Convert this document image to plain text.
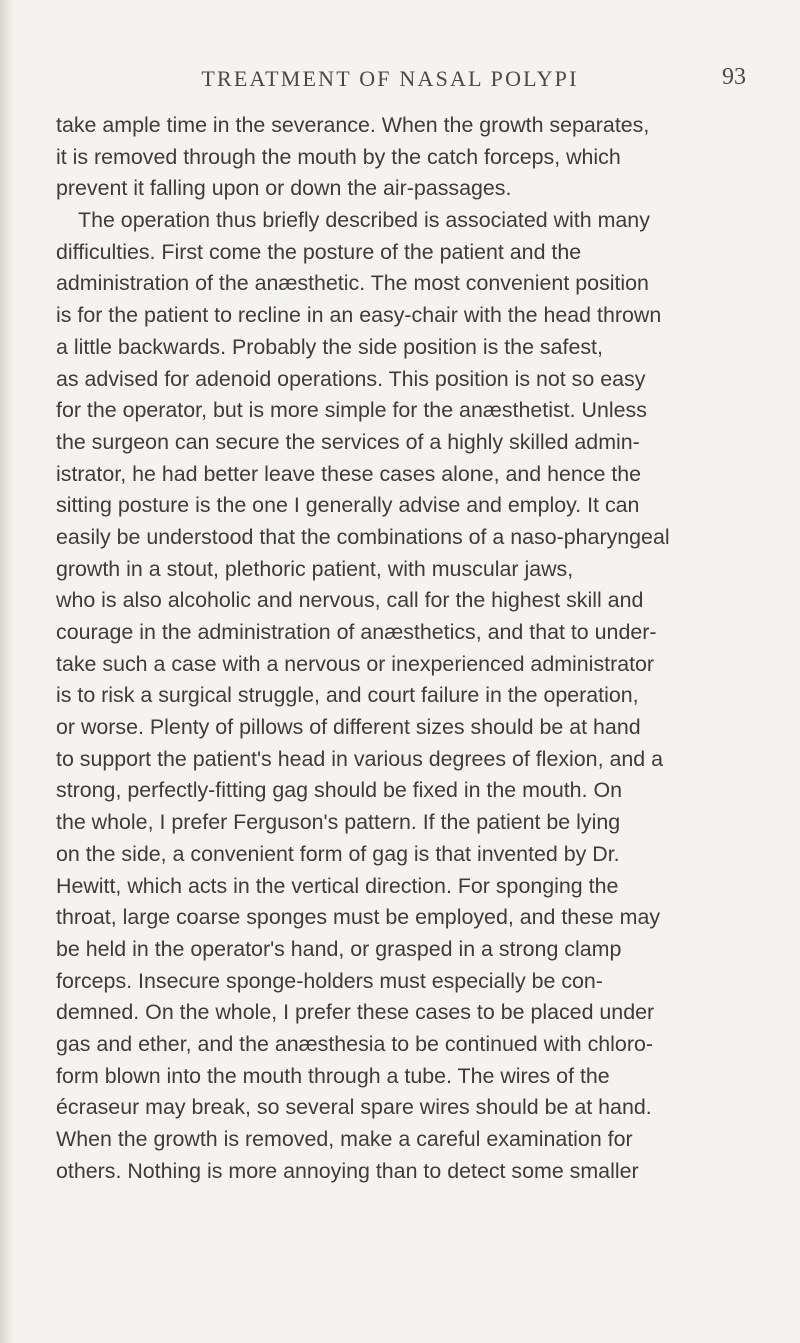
TREATMENT OF NASAL POLYPI	93
take ample time in the severance. When the growth separates,
it is removed through the mouth by the catch forceps, which
prevent it falling upon or down the air-passages.
The operation thus briefly described is associated with many
difficulties. First come the posture of the patient and the
administration of the anæsthetic. The most convenient position
is for the patient to recline in an easy-chair with the head thrown
a little backwards. Probably the side position is the safest,
as advised for adenoid operations. This position is not so easy
for the operator, but is more simple for the anæsthetist. Unless
the surgeon can secure the services of a highly skilled admin-
istrator, he had better leave these cases alone, and hence the
sitting posture is the one I generally advise and employ. It can
easily be understood that the combinations of a naso-pharyngeal
growth in a stout, plethoric patient, with muscular jaws,
who is also alcoholic and nervous, call for the highest skill and
courage in the administration of anæsthetics, and that to under-
take such a case with a nervous or inexperienced administrator
is to risk a surgical struggle, and court failure in the operation,
or worse. Plenty of pillows of different sizes should be at hand
to support the patient's head in various degrees of flexion, and a
strong, perfectly-fitting gag should be fixed in the mouth. On
the whole, I prefer Ferguson's pattern. If the patient be lying
on the side, a convenient form of gag is that invented by Dr.
Hewitt, which acts in the vertical direction. For sponging the
throat, large coarse sponges must be employed, and these may
be held in the operator's hand, or grasped in a strong clamp
forceps. Insecure sponge-holders must especially be con-
demned. On the whole, I prefer these cases to be placed under
gas and ether, and the anæsthesia to be continued with chloro-
form blown into the mouth through a tube. The wires of the
écraseur may break, so several spare wires should be at hand.
When the growth is removed, make a careful examination for
others. Nothing is more annoying than to detect some smaller
